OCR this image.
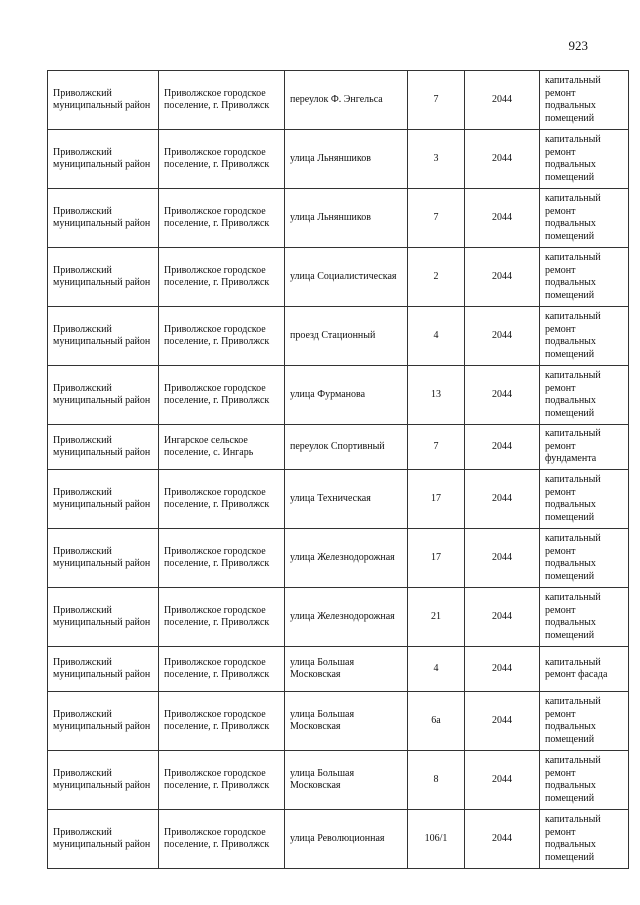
923
Приволжский муниципальный район	Приволжское городское поселение, г. Приволжск	переулок Ф. Энгельса	7	2044	капитальный ремонт подвальных помещений
Приволжский муниципальный район	Приволжское городское поселение, г. Приволжск	улица Льняншиков	3	2044	капитальный ремонт подвальных помещений
Приволжский муниципальный район	Приволжское городское поселение, г. Приволжск	улица Льняншиков	7	2044	капитальный ремонт подвальных помещений
Приволжский муниципальный район	Приволжское городское поселение, г. Приволжск	улица Социалистическая	2	2044	капитальный ремонт подвальных помещений
Приволжский муниципальный район	Приволжское городское поселение, г. Приволжск	проезд Стационный	4	2044	капитальный ремонт подвальных помещений
Приволжский муниципальный район	Приволжское городское поселение, г. Приволжск	улица Фурманова	13	2044	капитальный ремонт подвальных помещений
Приволжский муниципальный район	Ингарское сельское поселение, с. Ингарь	переулок Спортивный	7	2044	капитальный ремонт фундамента
Приволжский муниципальный район	Приволжское городское поселение, г. Приволжск	улица Техническая	17	2044	капитальный ремонт подвальных помещений
Приволжский муниципальный район	Приволжское городское поселение, г. Приволжск	улица Железнодорожная	17	2044	капитальный ремонт подвальных помещений
Приволжский муниципальный район	Приволжское городское поселение, г. Приволжск	улица Железнодорожная	21	2044	капитальный ремонт подвальных помещений
Приволжский муниципальный район	Приволжское городское поселение, г. Приволжск	улица Большая Московская	4	2044	капитальный ремонт фасада
Приволжский муниципальный район	Приволжское городское поселение, г. Приволжск	улица Большая Московская	6а	2044	капитальный ремонт подвальных помещений
Приволжский муниципальный район	Приволжское городское поселение, г. Приволжск	улица Большая Московская	8	2044	капитальный ремонт подвальных помещений
Приволжский муниципальный район	Приволжское городское поселение, г. Приволжск	улица Революционная	106/1	2044	капитальный ремонт подвальных помещений
